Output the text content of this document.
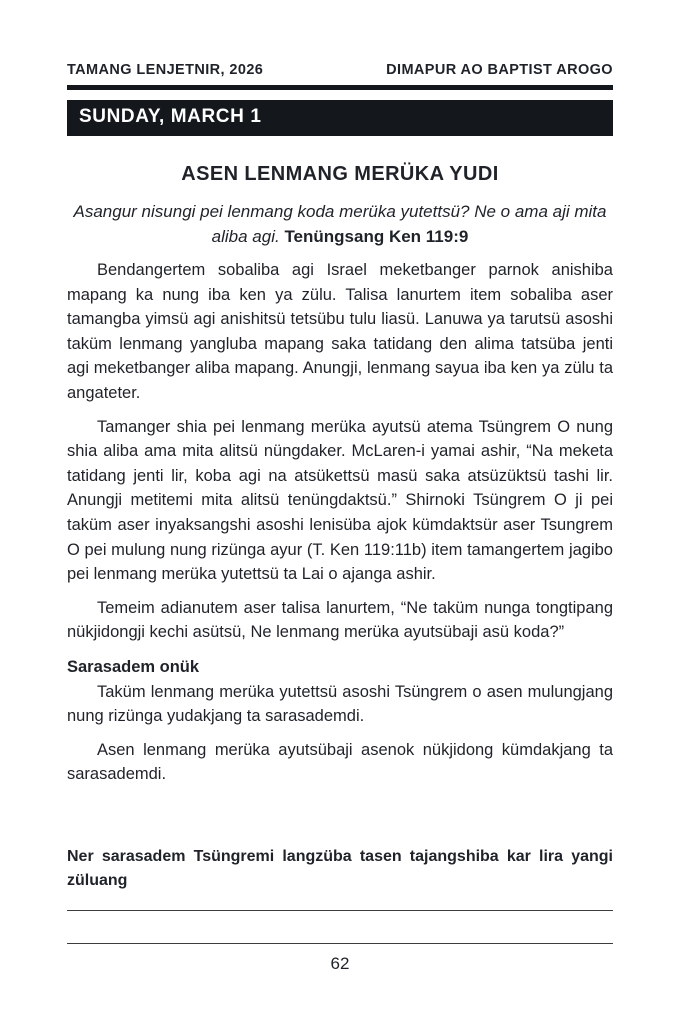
TAMANG LENJETNIR, 2026	DIMAPUR AO BAPTIST AROGO
SUNDAY, MARCH 1
ASEN LENMANG MERÜKA YUDI

Asangur nisungi pei lenmang koda merüka yutettsü? Ne o ama aji mita aliba agi. Tenüngsang Ken 119:9

Bendangertem sobaliba agi Israel meketbanger parnok anishiba mapang ka nung iba ken ya zülu. Talisa lanurtem item sobaliba aser tamangba yimsü agi anishitsü tetsübu tulu liasü. Lanuwa ya tarutsü asoshi taküm lenmang yangluba mapang saka tatidang den alima tatsüba jenti agi meketbanger aliba mapang. Anungji, lenmang sayua iba ken ya zülu ta angateter.

Tamanger shia pei lenmang merüka ayutsü atema Tsüngrem O nung shia aliba ama mita alitsü nüngdaker. McLaren-i yamai ashir, “Na meketa tatidang jenti lir, koba agi na atsükettsü masü saka atsüzüktsü tashi lir. Anungji metitemi mita alitsü tenüngdaktsü.” Shirnoki Tsüngrem O ji pei taküm aser inyaksangshi asoshi lenisüba ajok kümdaktsür aser Tsungrem O pei mulung nung rizünga ayur (T. Ken 119:11b) item tamangertem jagibo pei lenmang merüka yutettsü ta Lai o ajanga ashir.

Temeim adianutem aser talisa lanurtem, “Ne taküm nunga tongtipang nükjidongji kechi asütsü, Ne lenmang merüka ayutsübaji asü koda?”

Sarasadem onük

Taküm lenmang merüka yutettsü asoshi Tsüngrem o asen mulungjang nung rizünga yudakjang ta sarasademdi.

Asen lenmang merüka ayutsübaji asenok nükjidong kümdakjang ta sarasademdi.

Ner sarasadem Tsüngremi langzüba tasen tajangshiba kar lira yangi züluang

62
